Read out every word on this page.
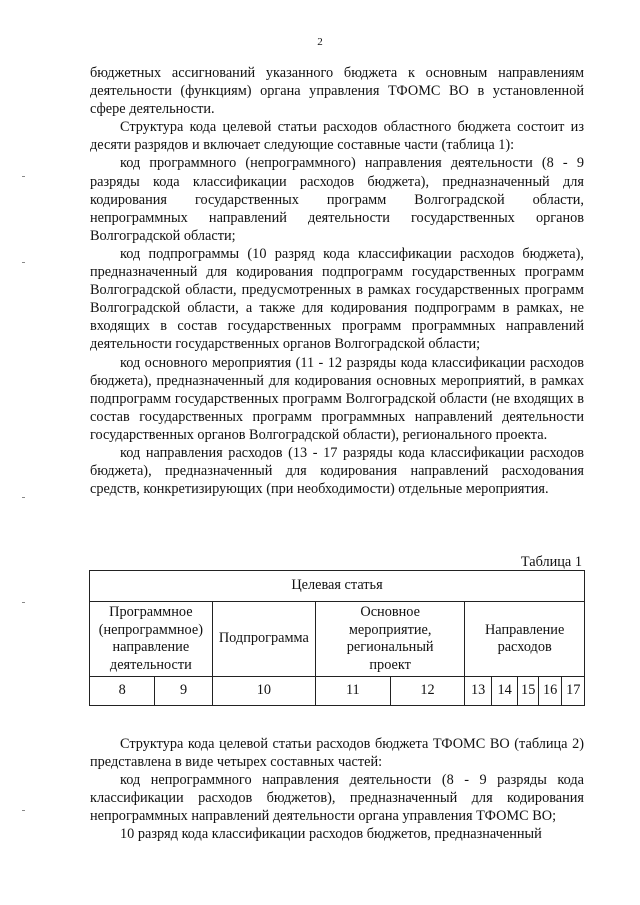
2

бюджетных ассигнований указанного бюджета к основным направлениям деятельности (функциям) органа управления ТФОМС ВО в установленной сфере деятельности.

Структура кода целевой статьи расходов областного бюджета состоит из десяти разрядов и включает следующие составные части (таблица 1):

код программного (непрограммного) направления деятельности (8 - 9 разряды кода классификации расходов бюджета), предназначенный для кодирования государственных программ Волгоградской области, непрограммных направлений деятельности государственных органов Волгоградской области;

код подпрограммы (10 разряд кода классификации расходов бюджета), предназначенный для кодирования подпрограмм государственных программ Волгоградской области, предусмотренных в рамках государственных программ Волгоградской области, а также для кодирования подпрограмм в рамках, не входящих в состав государственных программ программных направлений деятельности государственных органов Волгоградской области;

код основного мероприятия (11 - 12 разряды кода классификации расходов бюджета), предназначенный для кодирования основных мероприятий, в рамках подпрограмм государственных программ Волгоградской области (не входящих в состав государственных программ программных направлений деятельности государственных органов Волгоградской области), регионального проекта.

код направления расходов (13 - 17 разряды кода классификации расходов бюджета), предназначенный для кодирования направлений расходования средств, конкретизирующих (при необходимости) отдельные мероприятия.

Таблица 1
Целевая статья									
Программное (непрограммное) направление деятельности		Подпрограмма	Основное мероприятие, региональный проект		Направление расходов				
8	9	10	11	12	13	14	15	16	17

Структура кода целевой статьи расходов бюджета ТФОМС ВО (таблица 2) представлена в виде четырех составных частей:

код непрограммного направления деятельности (8 - 9 разряды кода классификации расходов бюджетов), предназначенный для кодирования непрограммных направлений деятельности органа управления ТФОМС ВО;

10 разряд кода классификации расходов бюджетов, предназначенный
